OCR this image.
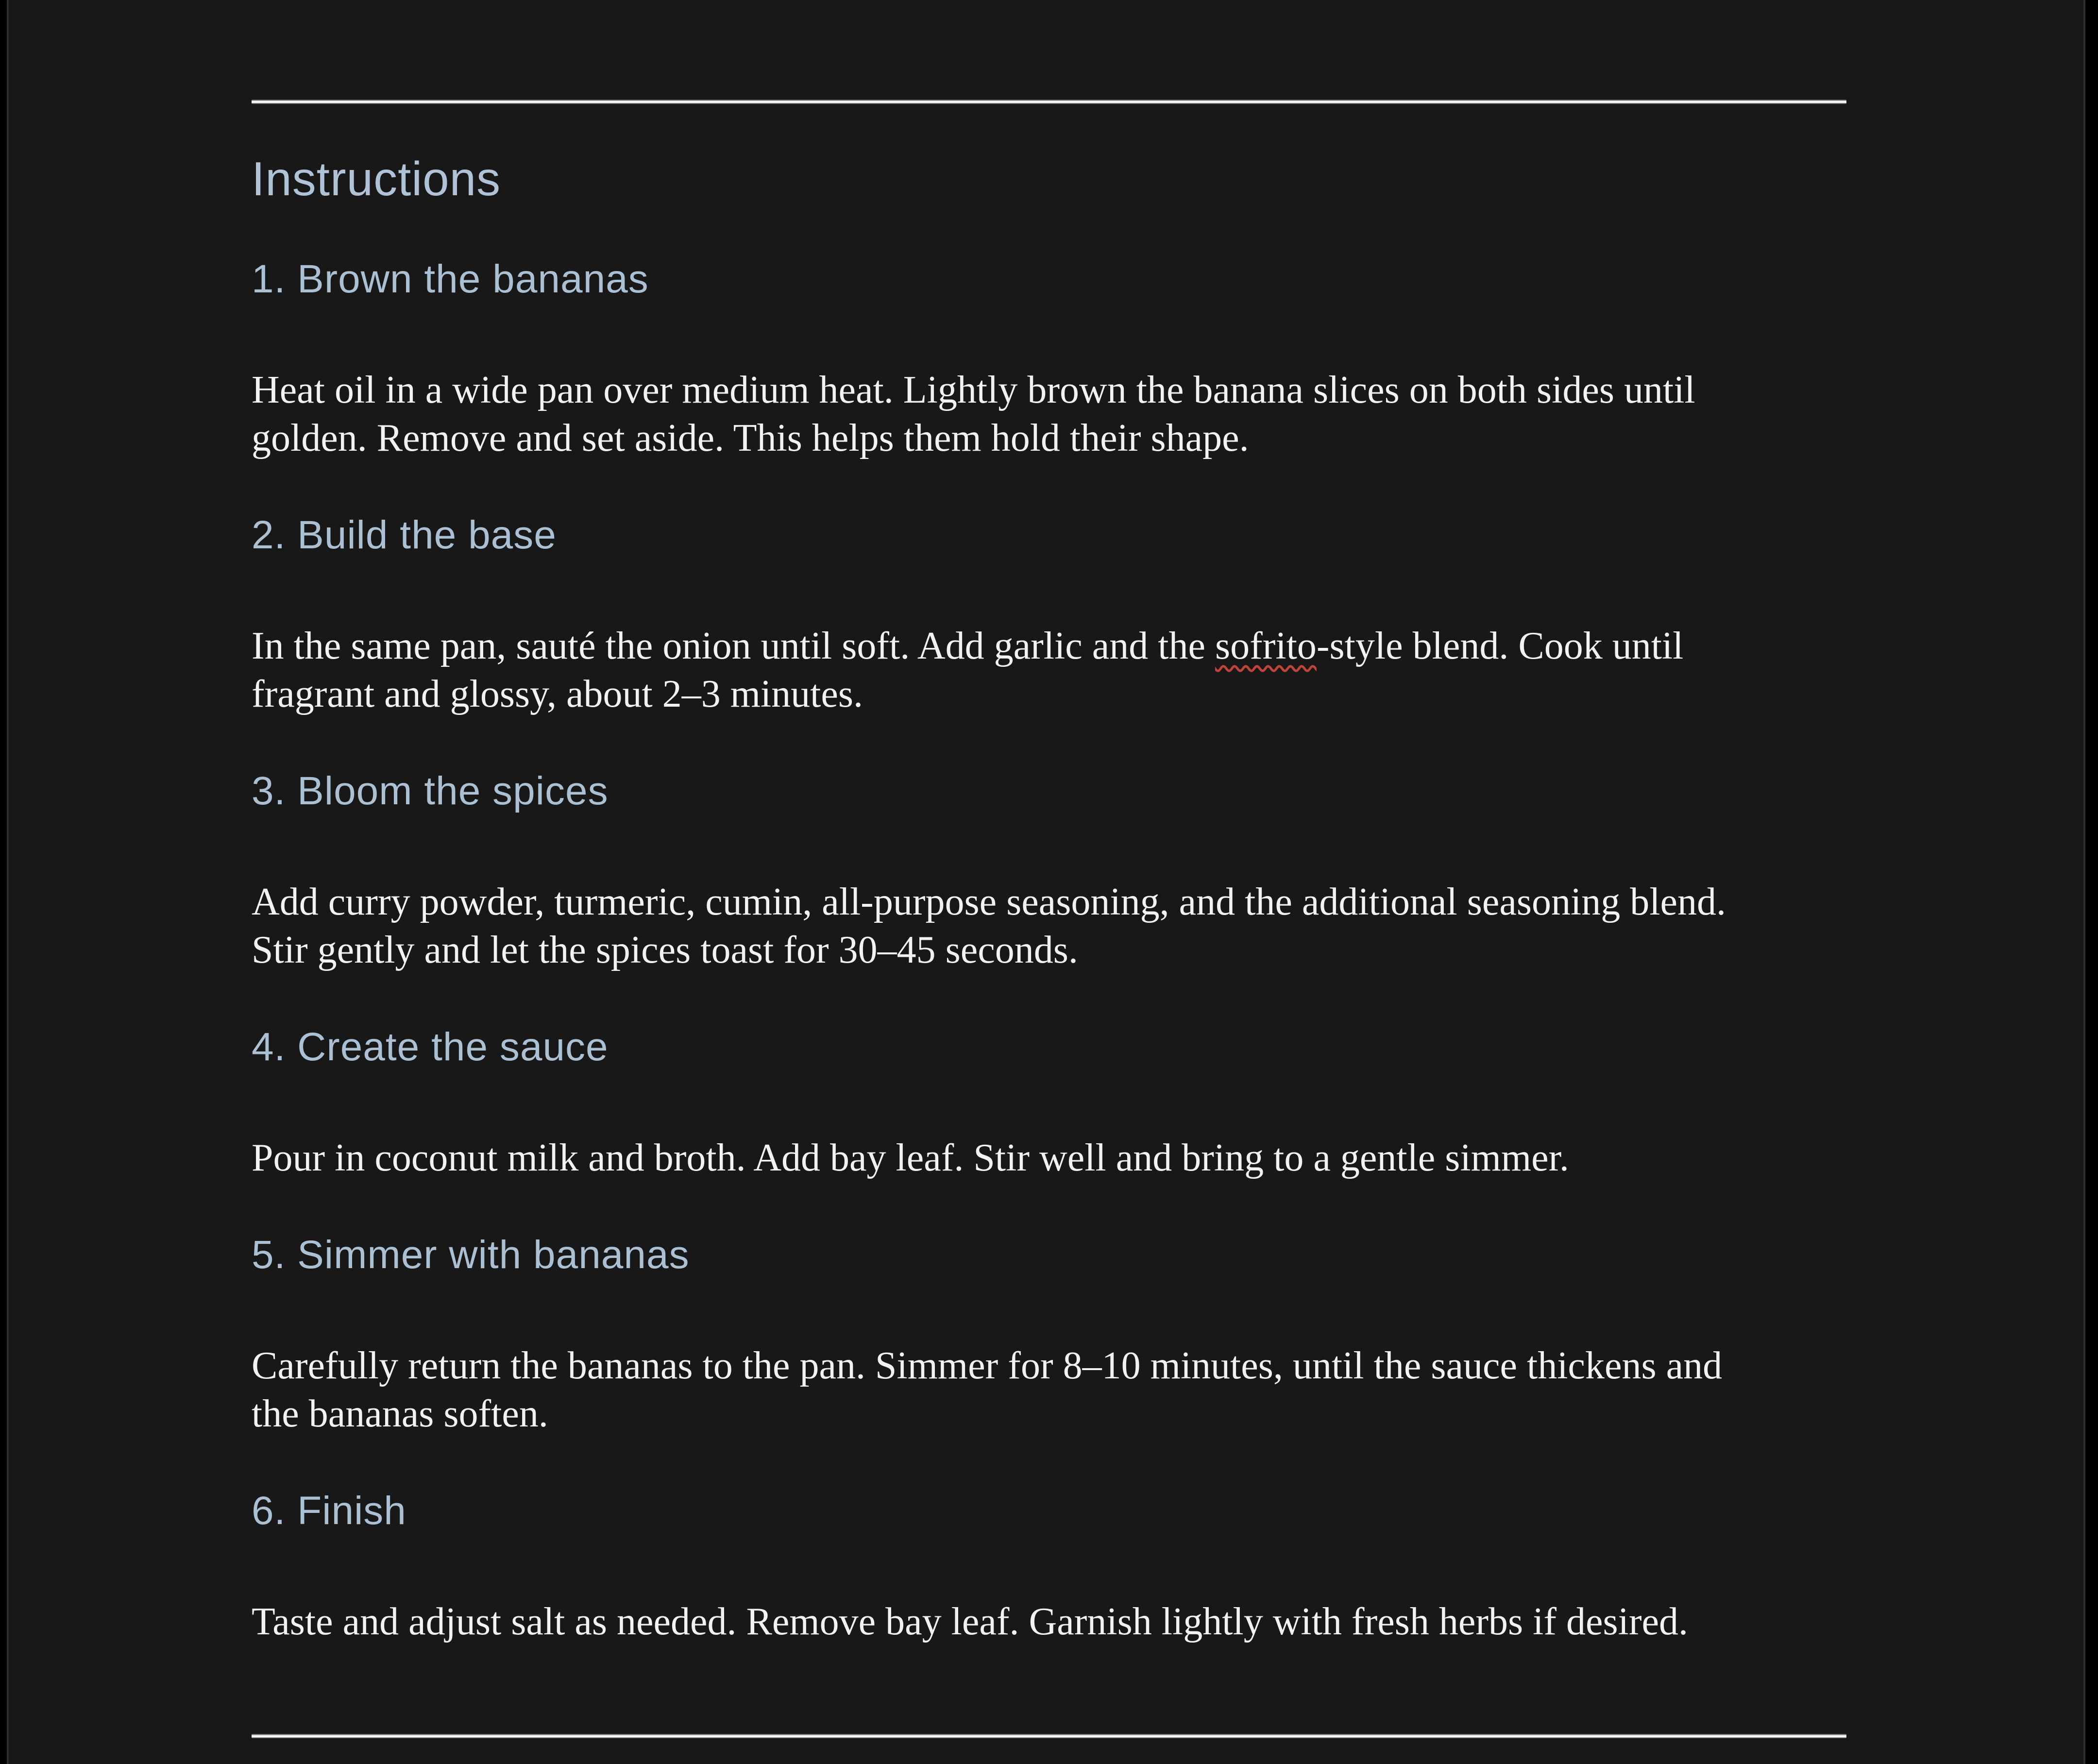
Instructions
1. Brown the bananas
Heat oil in a wide pan over medium heat. Lightly brown the banana slices on both sides until
golden. Remove and set aside. This helps them hold their shape.
2. Build the base
In the same pan, sauté the onion until soft. Add garlic and the sofrito-style blend. Cook until
fragrant and glossy, about 2–3 minutes.
3. Bloom the spices
Add curry powder, turmeric, cumin, all-purpose seasoning, and the additional seasoning blend.
Stir gently and let the spices toast for 30–45 seconds.
4. Create the sauce
Pour in coconut milk and broth. Add bay leaf. Stir well and bring to a gentle simmer.
5. Simmer with bananas
Carefully return the bananas to the pan. Simmer for 8–10 minutes, until the sauce thickens and
the bananas soften.
6. Finish
Taste and adjust salt as needed. Remove bay leaf. Garnish lightly with fresh herbs if desired.
